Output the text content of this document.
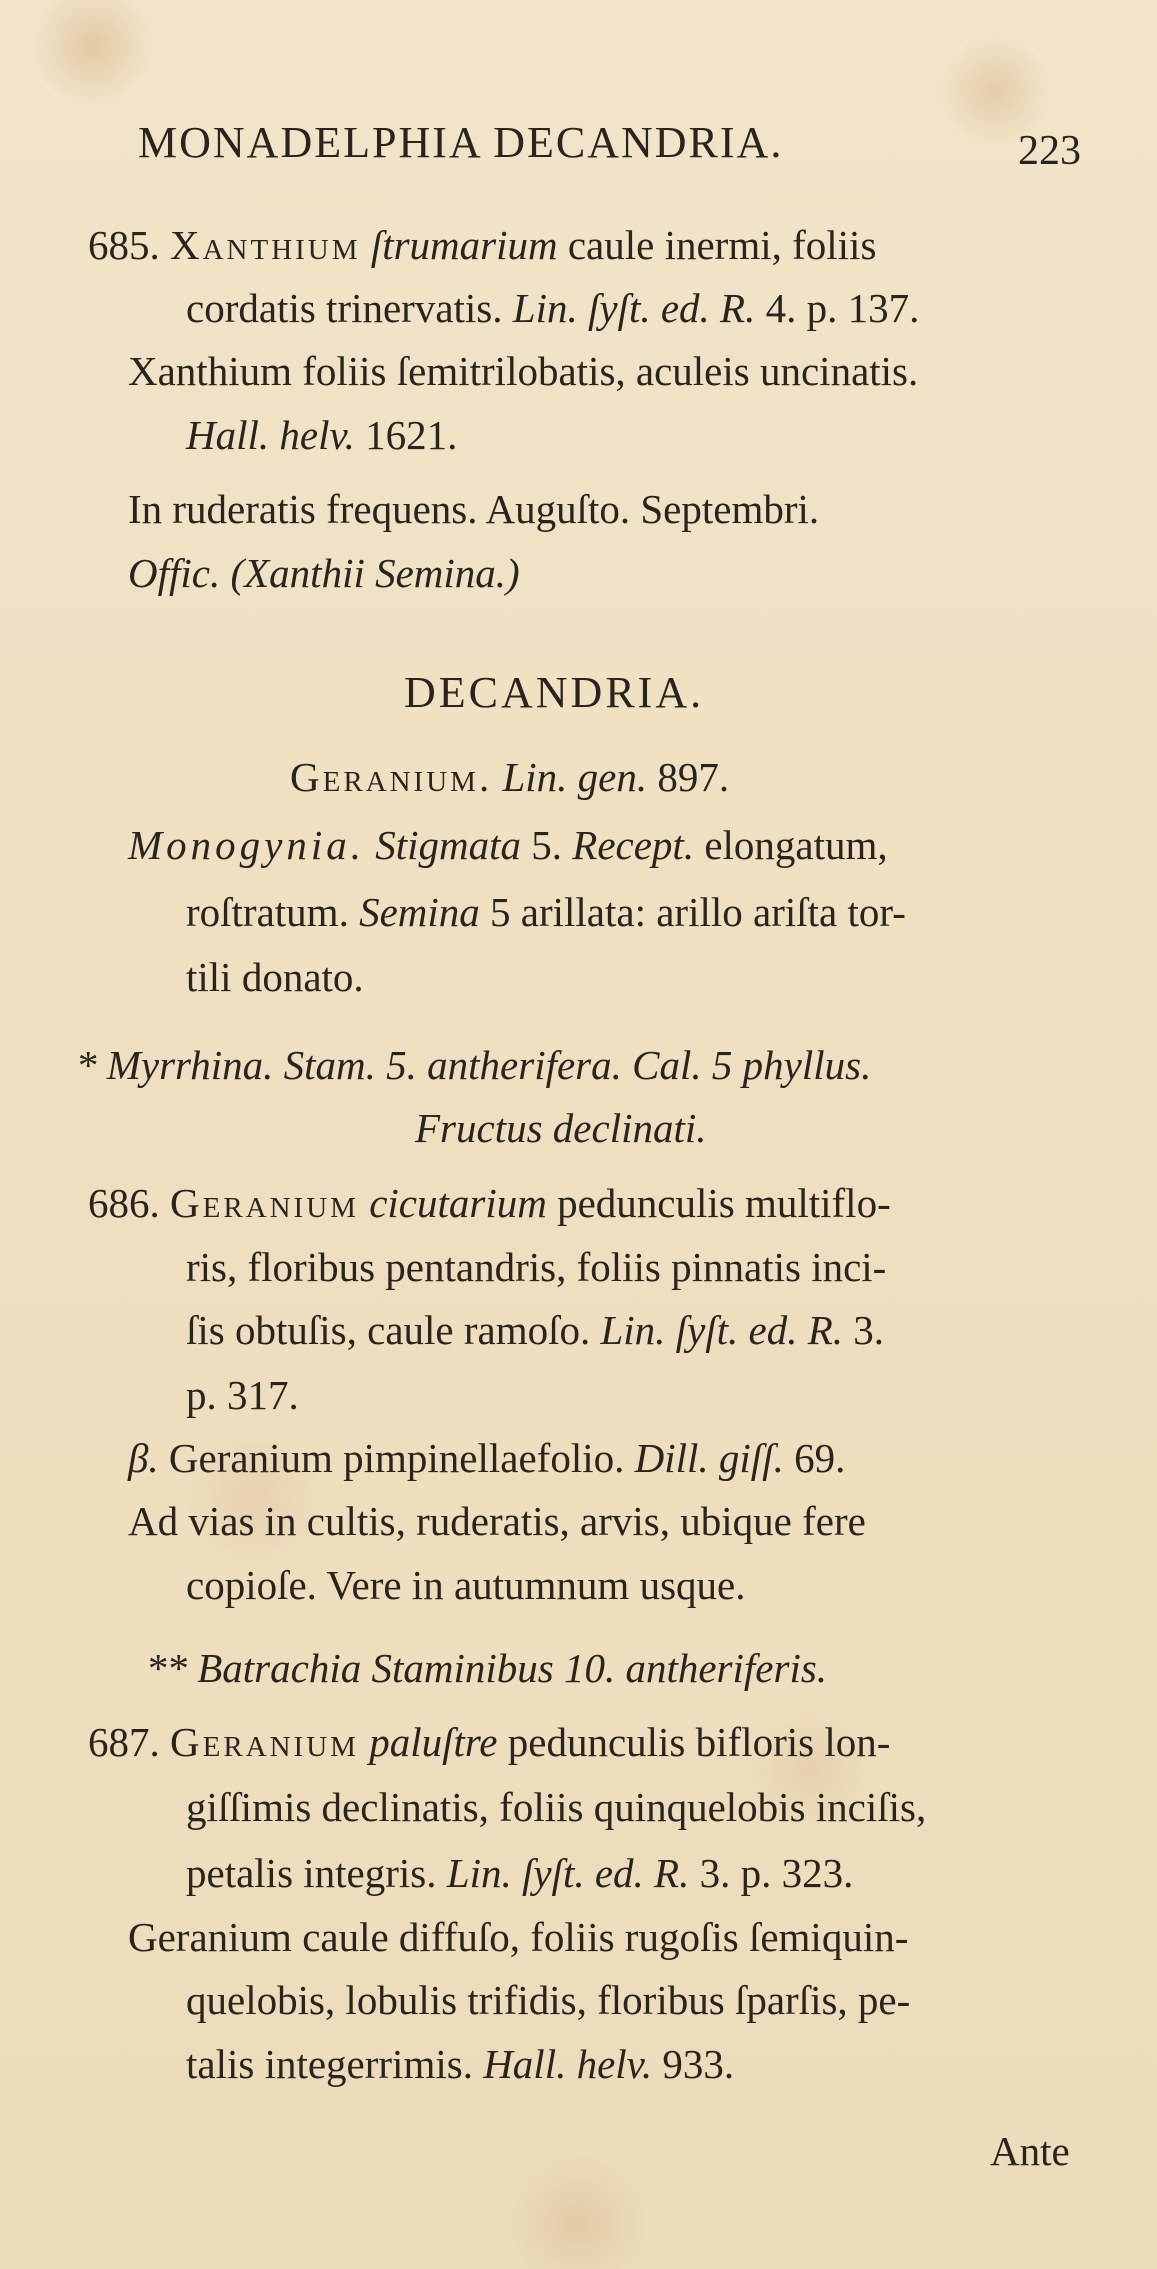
MONADELPHIA DECANDRIA.	223
685. Xanthium ſtrumarium caule inermi, foliis
cordatis trinervatis. Lin. ſyſt. ed. R. 4. p. 137.
Xanthium foliis ſemitrilobatis, aculeis uncinatis.
Hall. helv. 1621.
In ruderatis frequens. Auguſto. Septembri.
Offic. (Xanthii Semina.)
DECANDRIA.
Geranium. Lin. gen. 897.
Monogynia. Stigmata 5. Recept. elongatum,
roſtratum. Semina 5 arillata: arillo ariſta tor-
tili donato.
* Myrrhina. Stam. 5. antherifera. Cal. 5 phyllus.
Fructus declinati.
686. Geranium cicutarium pedunculis multiflo-
ris, floribus pentandris, foliis pinnatis inci-
ſis obtuſis, caule ramoſo. Lin. ſyſt. ed. R. 3.
p. 317.
β. Geranium pimpinellaefolio. Dill. giſſ. 69.
Ad vias in cultis, ruderatis, arvis, ubique fere
copioſe. Vere in autumnum usque.
** Batrachia Staminibus 10. antheriferis.
687. Geranium paluſtre pedunculis bifloris lon-
giſſimis declinatis, foliis quinquelobis inciſis,
petalis integris. Lin. ſyſt. ed. R. 3. p. 323.
Geranium caule diffuſo, foliis rugoſis ſemiquin-
quelobis, lobulis trifidis, floribus ſparſis, pe-
talis integerrimis. Hall. helv. 933.
Ante
